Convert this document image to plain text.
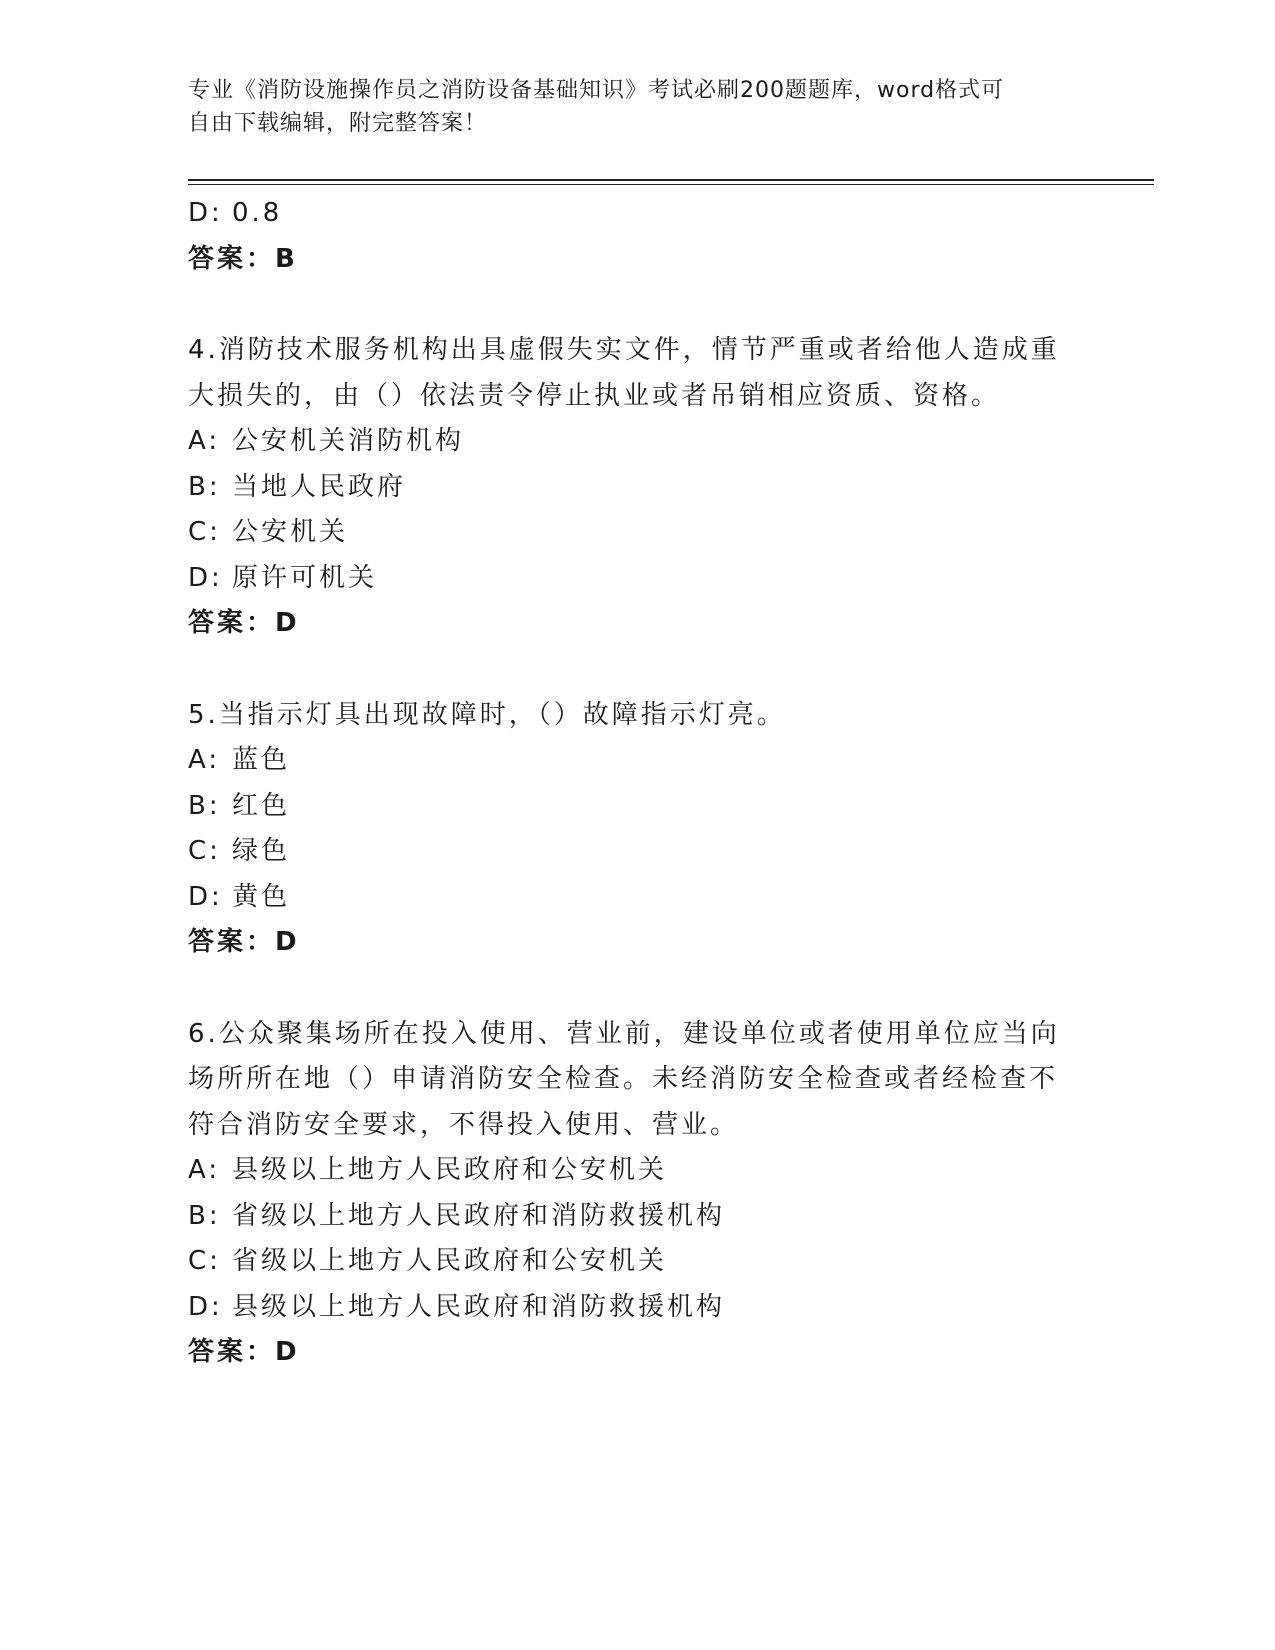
专业《消防设施操作员之消防设备基础知识》考试必刷200题题库，word格式可
自由下载编辑，附完整答案！
D: 0.8
答案：B
4.消防技术服务机构出具虚假失实文件，情节严重或者给他人造成重
大损失的，由（）依法责令停止执业或者吊销相应资质、资格。
A: 公安机关消防机构
B: 当地人民政府
C: 公安机关
D: 原许可机关
答案：D
5.当指示灯具出现故障时，（）故障指示灯亮。
A: 蓝色
B: 红色
C: 绿色
D: 黄色
答案：D
6.公众聚集场所在投入使用、营业前，建设单位或者使用单位应当向
场所所在地（）申请消防安全检查。未经消防安全检查或者经检查不
符合消防安全要求，不得投入使用、营业。
A: 县级以上地方人民政府和公安机关
B: 省级以上地方人民政府和消防救援机构
C: 省级以上地方人民政府和公安机关
D: 县级以上地方人民政府和消防救援机构
答案：D
